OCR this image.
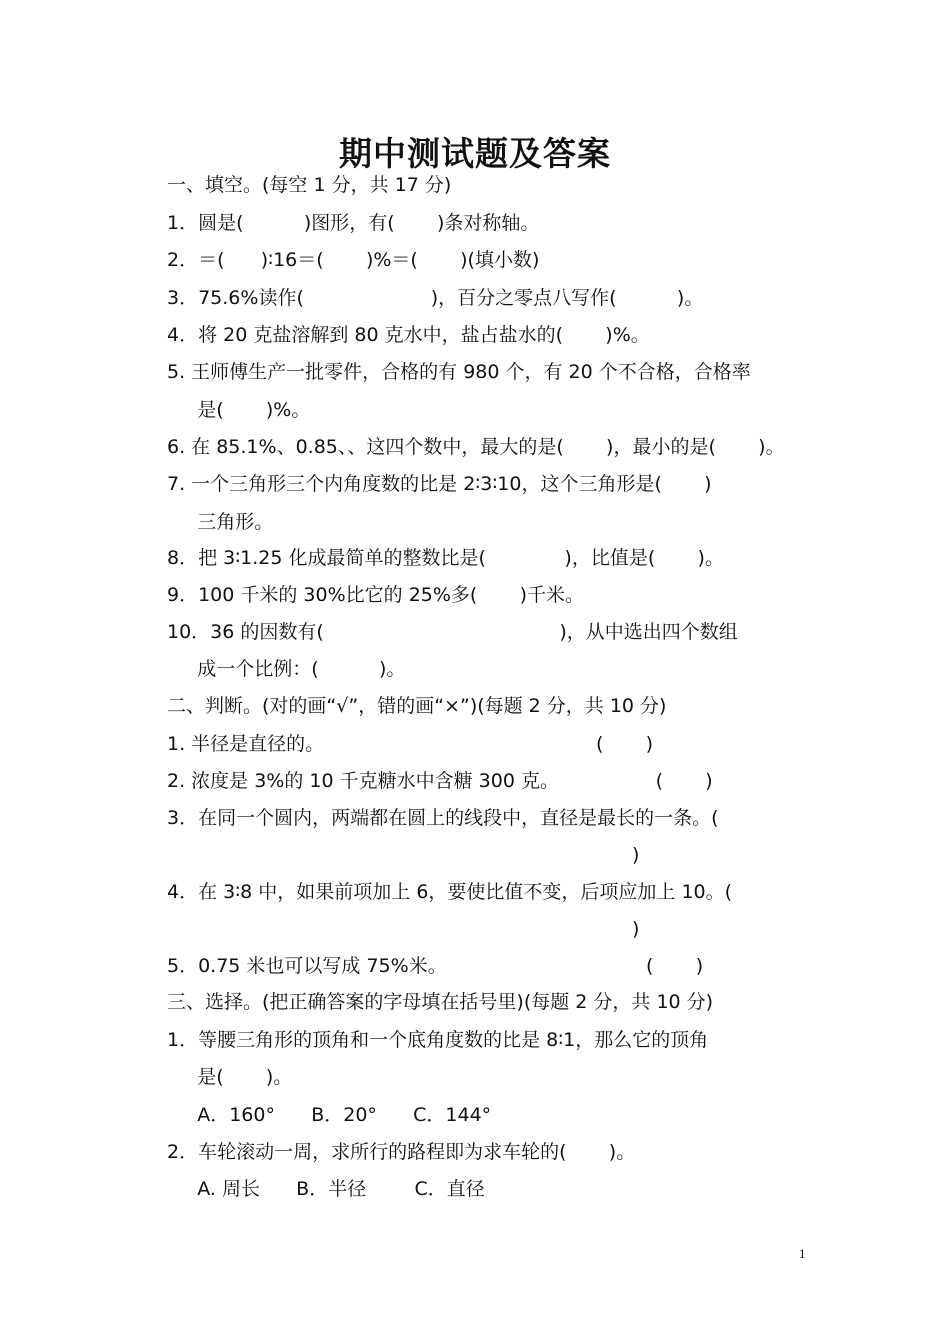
期中测试题及答案
一、填空。(每空 1 分，共 17 分)
1．圆是(          )图形，有(       )条对称轴。
2．＝(      )∶16＝(       )%＝(       )(填小数)
3．75.6%读作(                     )，百分之零点八写作(          )。
4．将 20 克盐溶解到 80 克水中，盐占盐水的(       )%。
5. 王师傅生产一批零件，合格的有 980 个，有 20 个不合格，合格率
是(       )%。
6. 在 85.1%、0.85、、这四个数中，最大的是(       )，最小的是(       )。
7. 一个三角形三个内角度数的比是 2∶3∶10，这个三角形是(       )
三角形。
8．把 3∶1.25 化成最简单的整数比是(             )，比值是(       )。
9．100 千米的 30%比它的 25%多(       )千米。
10．36 的因数有(                                       )，从中选出四个数组
成一个比例：(          )。
二、判断。(对的画“√”，错的画“×”)(每题 2 分，共 10 分)
1. 半径是直径的。                                             (       )
2. 浓度是 3%的 10 千克糖水中含糖 300 克。                (       )
3．在同一个圆内，两端都在圆上的线段中，直径是最长的一条。(
)
4．在 3∶8 中，如果前项加上 6，要使比值不变，后项应加上 10。(
)
5．0.75 米也可以写成 75%米。                                 (       )
三、选择。(把正确答案的字母填在括号里)(每题 2 分，共 10 分)
1．等腰三角形的顶角和一个底角度数的比是 8∶1，那么它的顶角
是(       )。
A．160°      B．20°      C．144°
2．车轮滚动一周，求所行的路程即为求车轮的(       )。
A. 周长      B．半径        C．直径
1
